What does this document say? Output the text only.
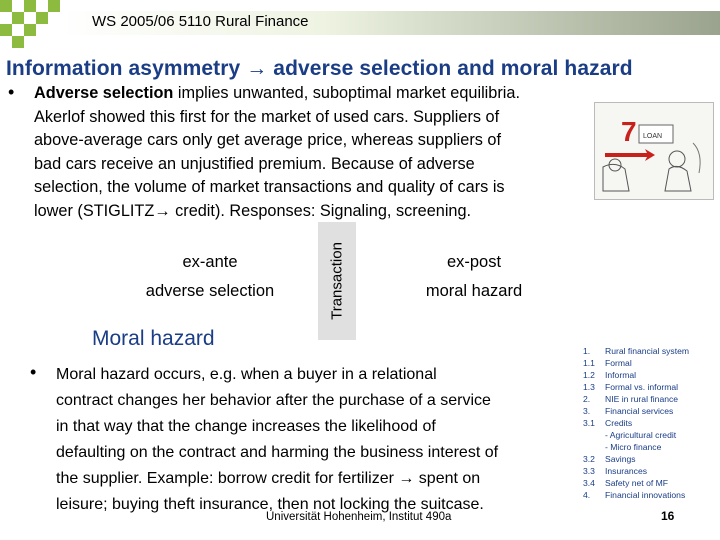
WS 2005/06 5110 Rural Finance
Information asymmetry → adverse selection and moral hazard
• Adverse selection implies unwanted, suboptimal market equilibria.
Akerlof showed this first for the market of used cars. Suppliers of
above-average cars only get average price, whereas suppliers of
bad cars receive an unjustified premium. Because of adverse
selection, the volume of market transactions and quality of cars is
lower (STIGLITZ→ credit). Responses: Signaling, screening.
7 LOAN
ex-ante
adverse selection	Transaction	ex-post
moral hazard
Moral hazard
• Moral hazard occurs, e.g. when a buyer in a relational
contract changes her behavior after the purchase of a service
in that way that the change increases the likelihood of
defaulting on the contract and harming the business interest of
the supplier. Example: borrow credit for fertilizer → spent on
leisure; buying theft insurance, then not locking the suitcase.
1. Rural financial system
1.1 Formal
1.2 Informal
1.3 Formal vs. informal
2. NIE in rural finance
3. Financial services
3.1 Credits
- Agricultural credit
- Micro finance
3.2 Savings
3.3 Insurances
3.4 Safety net of MF
4. Financial innovations
Universität Hohenheim, Institut 490a	16
